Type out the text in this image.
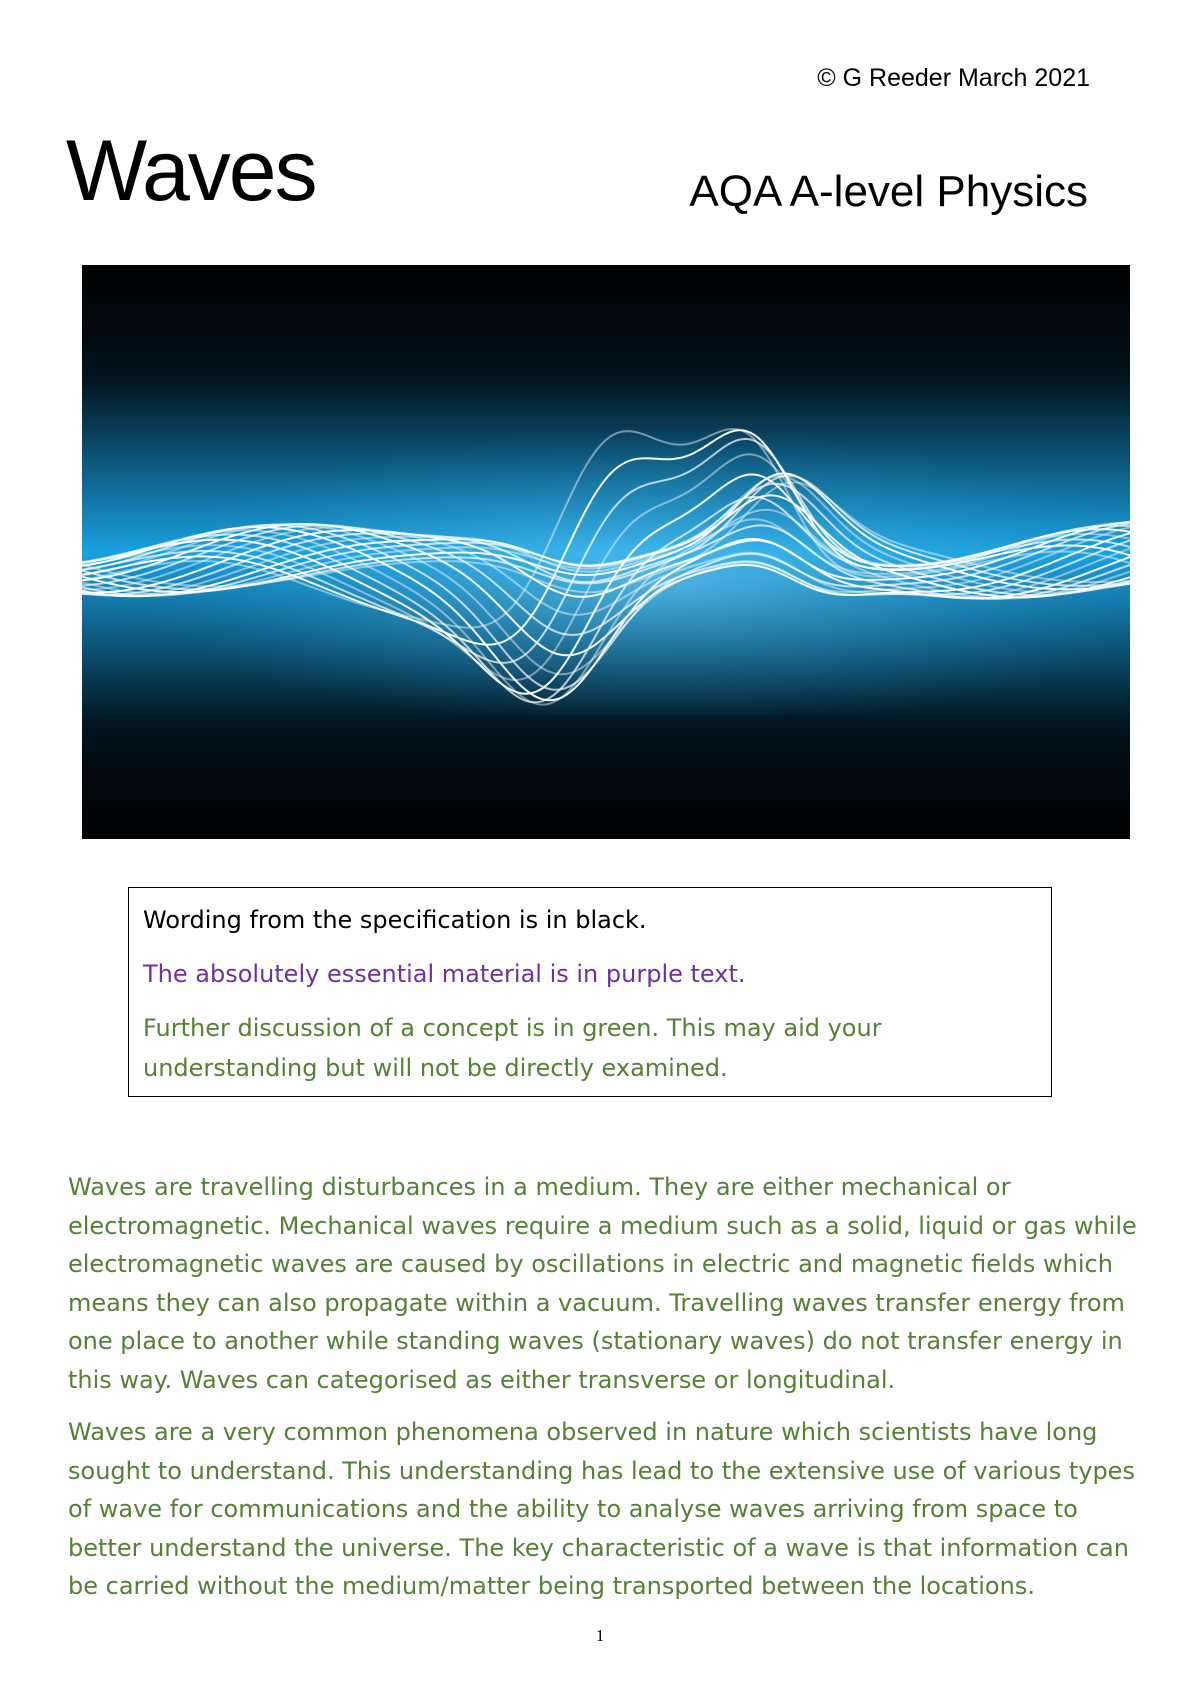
© G Reeder March 2021
Waves	AQA A-level Physics
Wording from the specification is in black.
The absolutely essential material is in purple text.
Further discussion of a concept is in green. This may aid your understanding but will not be directly examined.

Waves are travelling disturbances in a medium. They are either mechanical or electromagnetic. Mechanical waves require a medium such as a solid, liquid or gas while electromagnetic waves are caused by oscillations in electric and magnetic fields which means they can also propagate within a vacuum. Travelling waves transfer energy from one place to another while standing waves (stationary waves) do not transfer energy in this way. Waves can categorised as either transverse or longitudinal.

Waves are a very common phenomena observed in nature which scientists have long sought to understand. This understanding has lead to the extensive use of various types of wave for communications and the ability to analyse waves arriving from space to better understand the universe. The key characteristic of a wave is that information can be carried without the medium/matter being transported between the locations.

1
